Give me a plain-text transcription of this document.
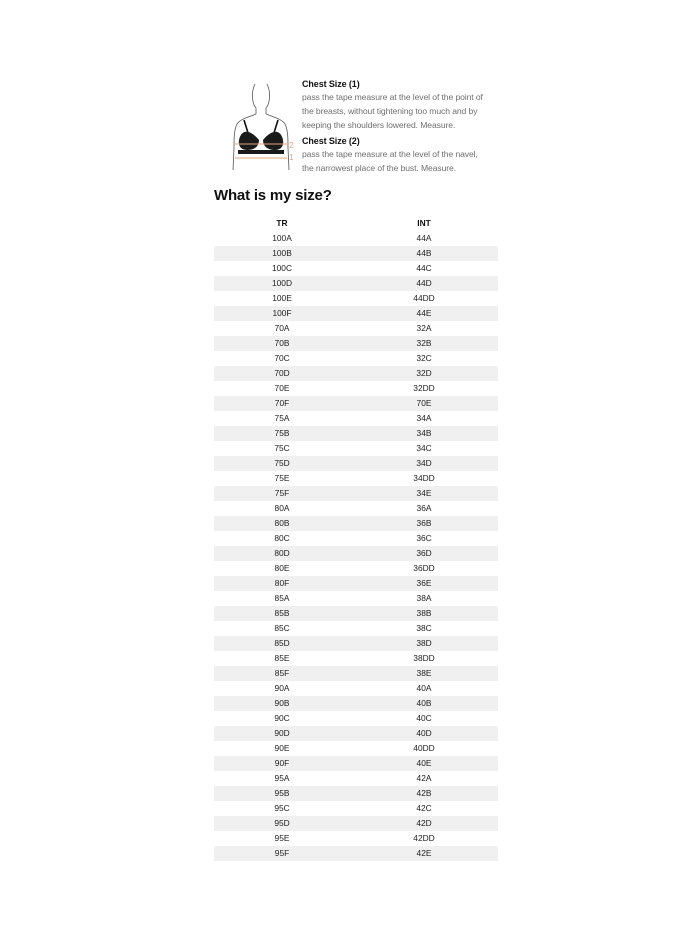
2
1
Chest Size (1)
pass the tape measure at the level of the point of
the breasts, without tightening too much and by
keeping the shoulders lowered. Measure.
Chest Size (2)
pass the tape measure at the level of the navel,
the narrowest place of the bust. Measure.
What is my size?
TR	INT
100A	44A
100B	44B
100C	44C
100D	44D
100E	44DD
100F	44E
70A	32A
70B	32B
70C	32C
70D	32D
70E	32DD
70F	70E
75A	34A
75B	34B
75C	34C
75D	34D
75E	34DD
75F	34E
80A	36A
80B	36B
80C	36C
80D	36D
80E	36DD
80F	36E
85A	38A
85B	38B
85C	38C
85D	38D
85E	38DD
85F	38E
90A	40A
90B	40B
90C	40C
90D	40D
90E	40DD
90F	40E
95A	42A
95B	42B
95C	42C
95D	42D
95E	42DD
95F	42E
